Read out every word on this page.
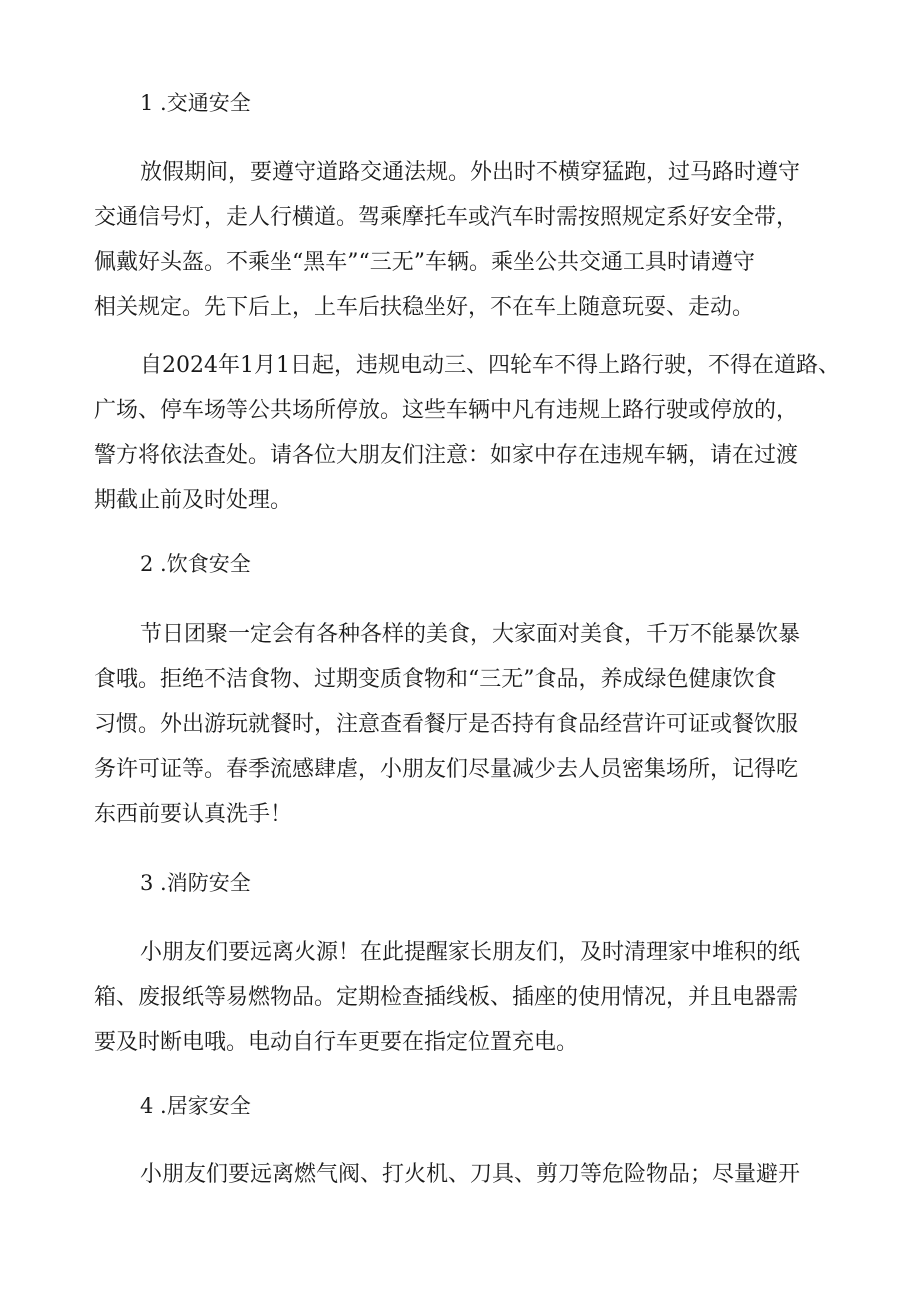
1 .交通安全
放假期间，要遵守道路交通法规。外出时不横穿猛跑，过马路时遵守
交通信号灯，走人行横道。驾乘摩托车或汽车时需按照规定系好安全带，
佩戴好头盔。不乘坐“黑车”“三无”车辆。乘坐公共交通工具时请遵守
相关规定。先下后上，上车后扶稳坐好，不在车上随意玩耍、走动。
自2024年1月1日起，违规电动三、四轮车不得上路行驶，不得在道路、
广场、停车场等公共场所停放。这些车辆中凡有违规上路行驶或停放的，
警方将依法查处。请各位大朋友们注意：如家中存在违规车辆，请在过渡
期截止前及时处理。
2 .饮食安全
节日团聚一定会有各种各样的美食，大家面对美食，千万不能暴饮暴
食哦。拒绝不洁食物、过期变质食物和“三无”食品，养成绿色健康饮食
习惯。外出游玩就餐时，注意查看餐厅是否持有食品经营许可证或餐饮服
务许可证等。春季流感肆虐，小朋友们尽量减少去人员密集场所，记得吃
东西前要认真洗手！
3 .消防安全
小朋友们要远离火源！在此提醒家长朋友们，及时清理家中堆积的纸
箱、废报纸等易燃物品。定期检查插线板、插座的使用情况，并且电器需
要及时断电哦。电动自行车更要在指定位置充电。
4 .居家安全
小朋友们要远离燃气阀、打火机、刀具、剪刀等危险物品；尽量避开
